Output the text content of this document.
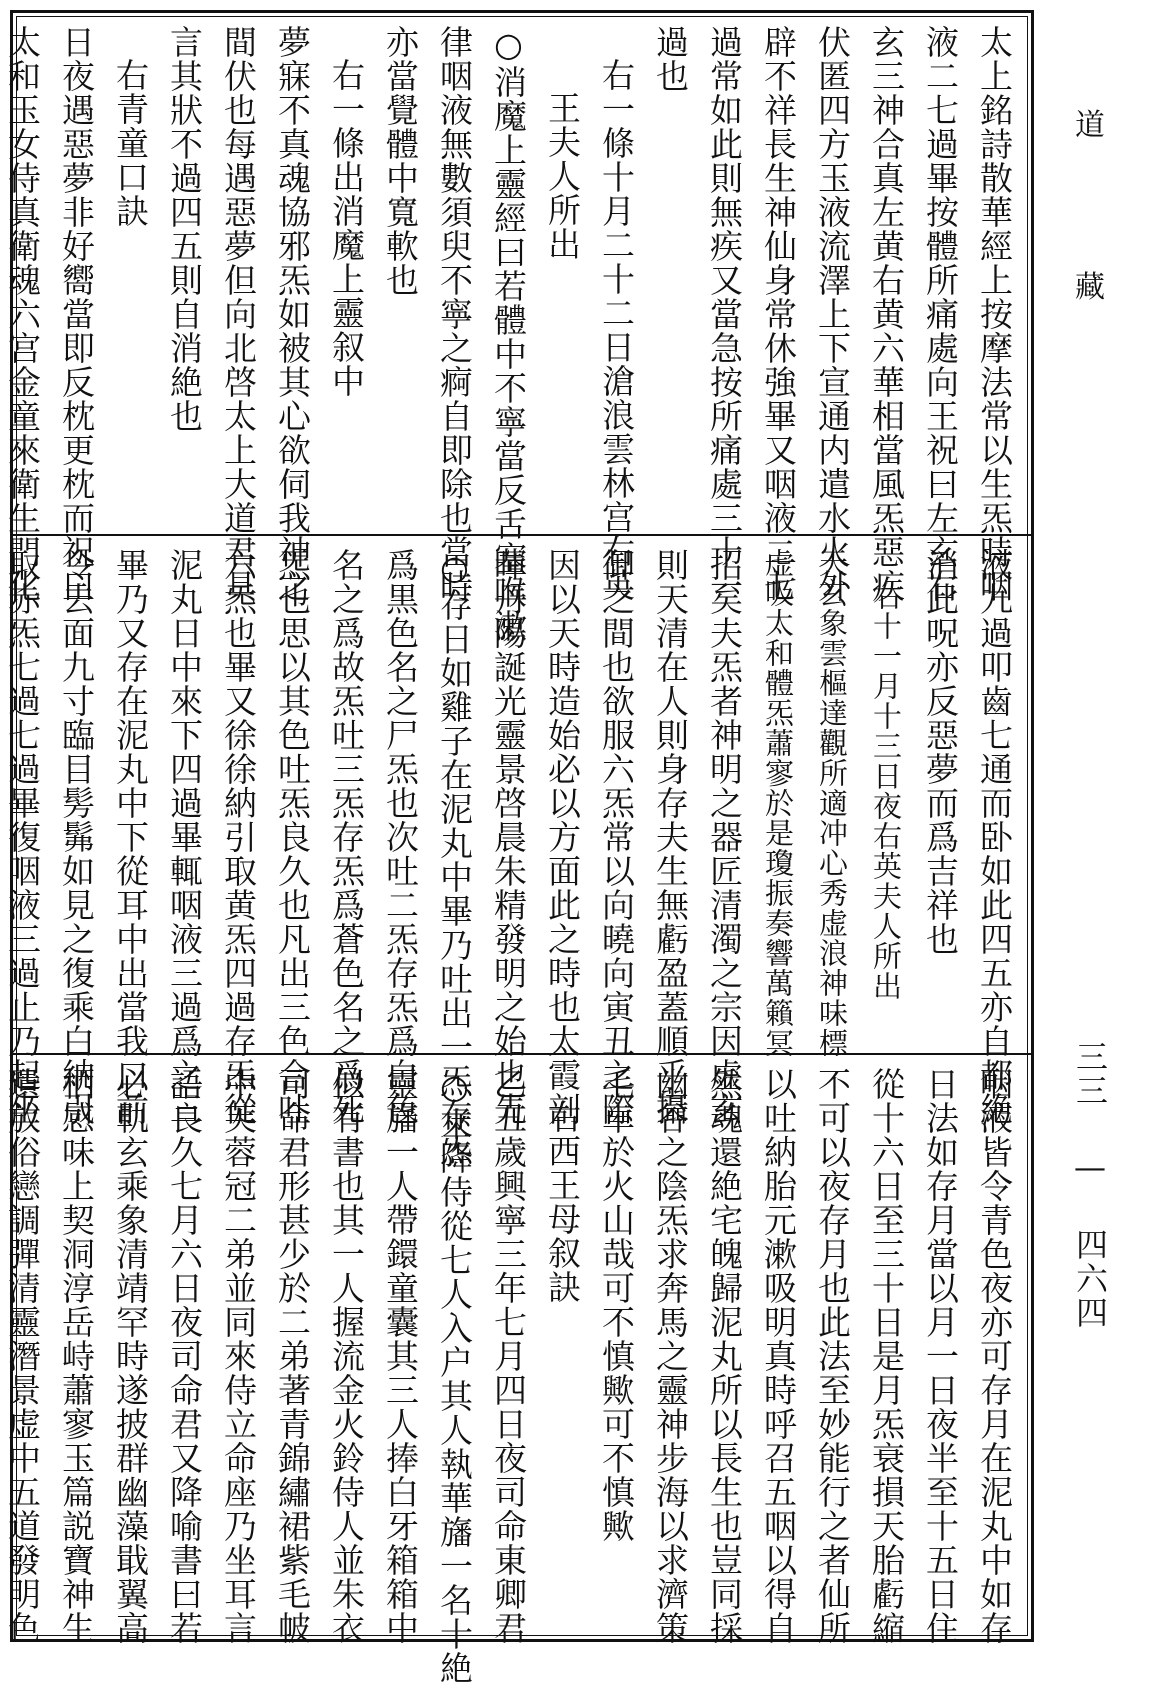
太上銘詩散華經上按摩法常以生炁時咽
液二七過畢按體所痛處向王祝曰左玄右
玄三神合真左黄右黄六華相當風炁惡疾
伏匿四方玉液流澤上下宣通内遣水火外
辟不祥長生神仙身常休強畢又咽液二七
過常如此則無疾又當急按所痛處三十一
過也
右一條十月二十二日滄浪雲林宫右英
王夫人所出
○消魔上靈經曰若體中不寧當反舌塞喉漱
律咽液無數須臾不寧之痾自即除也當時
亦當覺體中寬軟也
右一條出消魔上靈叙中
夢寐不真魂協邪炁如被其心欲伺我神之
間伏也每遇惡夢但向北啓太上大道君具
言其狀不過四五則自消絶也
右青童口訣
日夜遇惡夢非好嚮當即反枕更枕而祝曰
太和玉女侍真衛魂六宫金童來衛生門化
液九過叩齒七通而卧如此四五亦自都絶
消此呪亦反惡夢而爲吉祥也
右十一月十三日夜右英夫人所出
天玄象雲樞達觀所適冲心秀虚浪神味標
虚吸太和體炁蕭寥於是瓊振奏響萬籟冥
招矣夫炁者神明之器匠清濁之宗因虚玄
則天清在人則身存夫生無虧盈蓋順乎攝
御之間也欲服六炁常以向曉向寅丑之際
因以天時造始必以方面此之時也太霞剖
暉丹陽誕光靈景啓晨朱精發明之始也先
○存日如雞子在泥丸中畢乃吐出一炁存炁
爲黒色名之尸炁也次吐二炁存炁爲白色
名之爲故炁吐三炁存炁爲蒼色名之爲死
炁也思以其色吐炁良久也凡出三色合吐
六炁也畢又徐徐納引取黄炁四過存炁從
泥丸日中來下四過畢輒咽液三過爲之三
畢乃又存在泥丸中下從耳中出當我口前
令去面九寸臨目髣髴如見之復乘白納引
取赤炁七過七過畢復咽液三過止乃起坐
咽液皆令青色夜亦可存月在泥丸中如存
日法如存月當以月一日夜半至十五日住
從十六日至三十日是月炁衰損天胎虧縮
不可以夜存月也此法至妙能行之者仙所
以吐納胎元漱吸明真時呼召五咽以得自
然魂還絶宅魄歸泥丸所以長生也豈同採
幽谷之陰炁求奔馬之靈神步海以求濟策
毛車於火山哉可不慎歟可不慎歟
右西王母叙訣
乙丑歲興寧三年七月四日夜司命東卿君
○來降侍從七人入户其人執華旛一名十絶
靈旛一人帶鐶童囊其三人捧白牙箱箱中
似有書也其一人握流金火鈴侍人並朱衣
司命君形甚少於二弟著青錦繡裙紫毛帔
中芙蓉冠二弟並同來侍立命座乃坐耳言
語良久七月六日夜司命君又降喻書曰若
必軌玄乘象清靖罕時遂披群幽藻戢翼高
栖感味上契洞淳岳峙蕭寥玉篇説寶神生
遺放俗戀調彈清靈潛景虚中五道發明色
道
藏
三三 — 四六四
